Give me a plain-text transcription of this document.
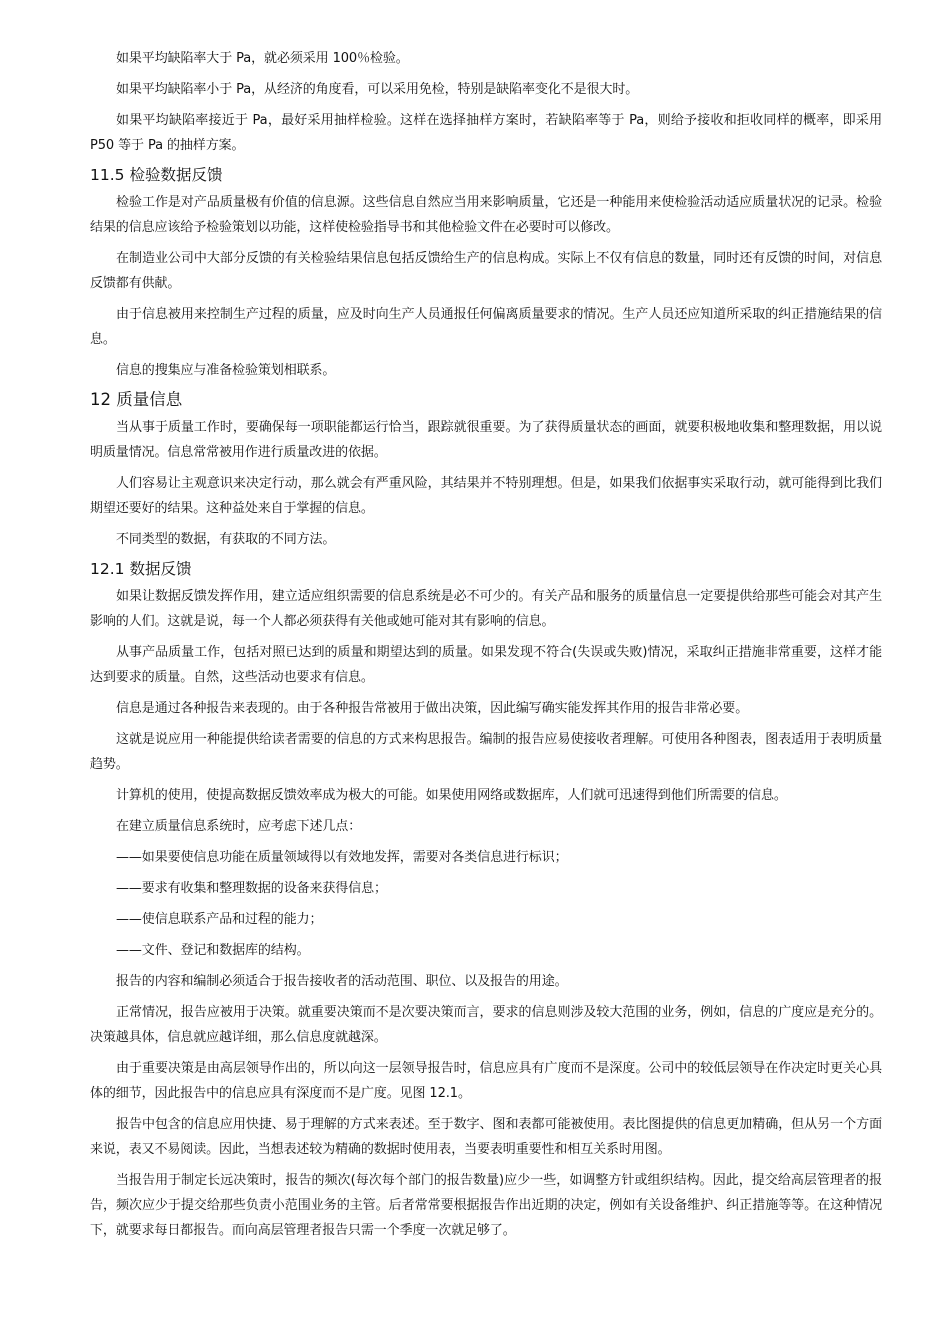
如果平均缺陷率大于 Pa，就必须采用 100％检验。

如果平均缺陷率小于 Pa，从经济的角度看，可以采用免检，特别是缺陷率变化不是很大时。

如果平均缺陷率接近于 Pa，最好采用抽样检验。这样在选择抽样方案时，若缺陷率等于 Pa，则给予接收和拒收同样的概率，即采用 P50 等于 Pa 的抽样方案。

11.5 检验数据反馈

检验工作是对产品质量极有价值的信息源。这些信息自然应当用来影响质量，它还是一种能用来使检验活动适应质量状况的记录。检验结果的信息应该给予检验策划以功能，这样使检验指导书和其他检验文件在必要时可以修改。

在制造业公司中大部分反馈的有关检验结果信息包括反馈给生产的信息构成。实际上不仅有信息的数量，同时还有反馈的时间，对信息反馈都有供献。

由于信息被用来控制生产过程的质量，应及时向生产人员通报任何偏离质量要求的情况。生产人员还应知道所采取的纠正措施结果的信息。

信息的搜集应与准备检验策划相联系。

12 质量信息

当从事于质量工作时，要确保每一项职能都运行恰当，跟踪就很重要。为了获得质量状态的画面，就要积极地收集和整理数据，用以说明质量情况。信息常常被用作进行质量改进的依据。

人们容易让主观意识来决定行动，那么就会有严重风险，其结果并不特别理想。但是，如果我们依据事实采取行动，就可能得到比我们期望还要好的结果。这种益处来自于掌握的信息。

不同类型的数据，有获取的不同方法。

12.1 数据反馈

如果让数据反馈发挥作用，建立适应组织需要的信息系统是必不可少的。有关产品和服务的质量信息一定要提供给那些可能会对其产生影响的人们。这就是说，每一个人都必须获得有关他或她可能对其有影响的信息。

从事产品质量工作，包括对照已达到的质量和期望达到的质量。如果发现不符合(失误或失败)情况，采取纠正措施非常重要，这样才能达到要求的质量。自然，这些活动也要求有信息。

信息是通过各种报告来表现的。由于各种报告常被用于做出决策，因此编写确实能发挥其作用的报告非常必要。

这就是说应用一种能提供给读者需要的信息的方式来构思报告。编制的报告应易使接收者理解。可使用各种图表，图表适用于表明质量趋势。

计算机的使用，使提高数据反馈效率成为极大的可能。如果使用网络或数据库，人们就可迅速得到他们所需要的信息。

在建立质量信息系统时，应考虑下述几点：

——如果要使信息功能在质量领域得以有效地发挥，需要对各类信息进行标识；

——要求有收集和整理数据的设备来获得信息；

——使信息联系产品和过程的能力；

——文件、登记和数据库的结构。

报告的内容和编制必须适合于报告接收者的活动范围、职位、以及报告的用途。

正常情况，报告应被用于决策。就重要决策而不是次要决策而言，要求的信息则涉及较大范围的业务，例如，信息的广度应是充分的。决策越具体，信息就应越详细，那么信息度就越深。

由于重要决策是由高层领导作出的，所以向这一层领导报告时，信息应具有广度而不是深度。公司中的较低层领导在作决定时更关心具体的细节，因此报告中的信息应具有深度而不是广度。见图 12.1。

报告中包含的信息应用快捷、易于理解的方式来表述。至于数字、图和表都可能被使用。表比图提供的信息更加精确，但从另一个方面来说，表又不易阅读。因此，当想表述较为精确的数据时使用表，当要表明重要性和相互关系时用图。

当报告用于制定长远决策时，报告的频次(每次每个部门的报告数量)应少一些，如调整方针或组织结构。因此，提交给高层管理者的报告，频次应少于提交给那些负责小范围业务的主管。后者常常要根据报告作出近期的决定，例如有关设备维护、纠正措施等等。在这种情况下，就要求每日都报告。而向高层管理者报告只需一个季度一次就足够了。
